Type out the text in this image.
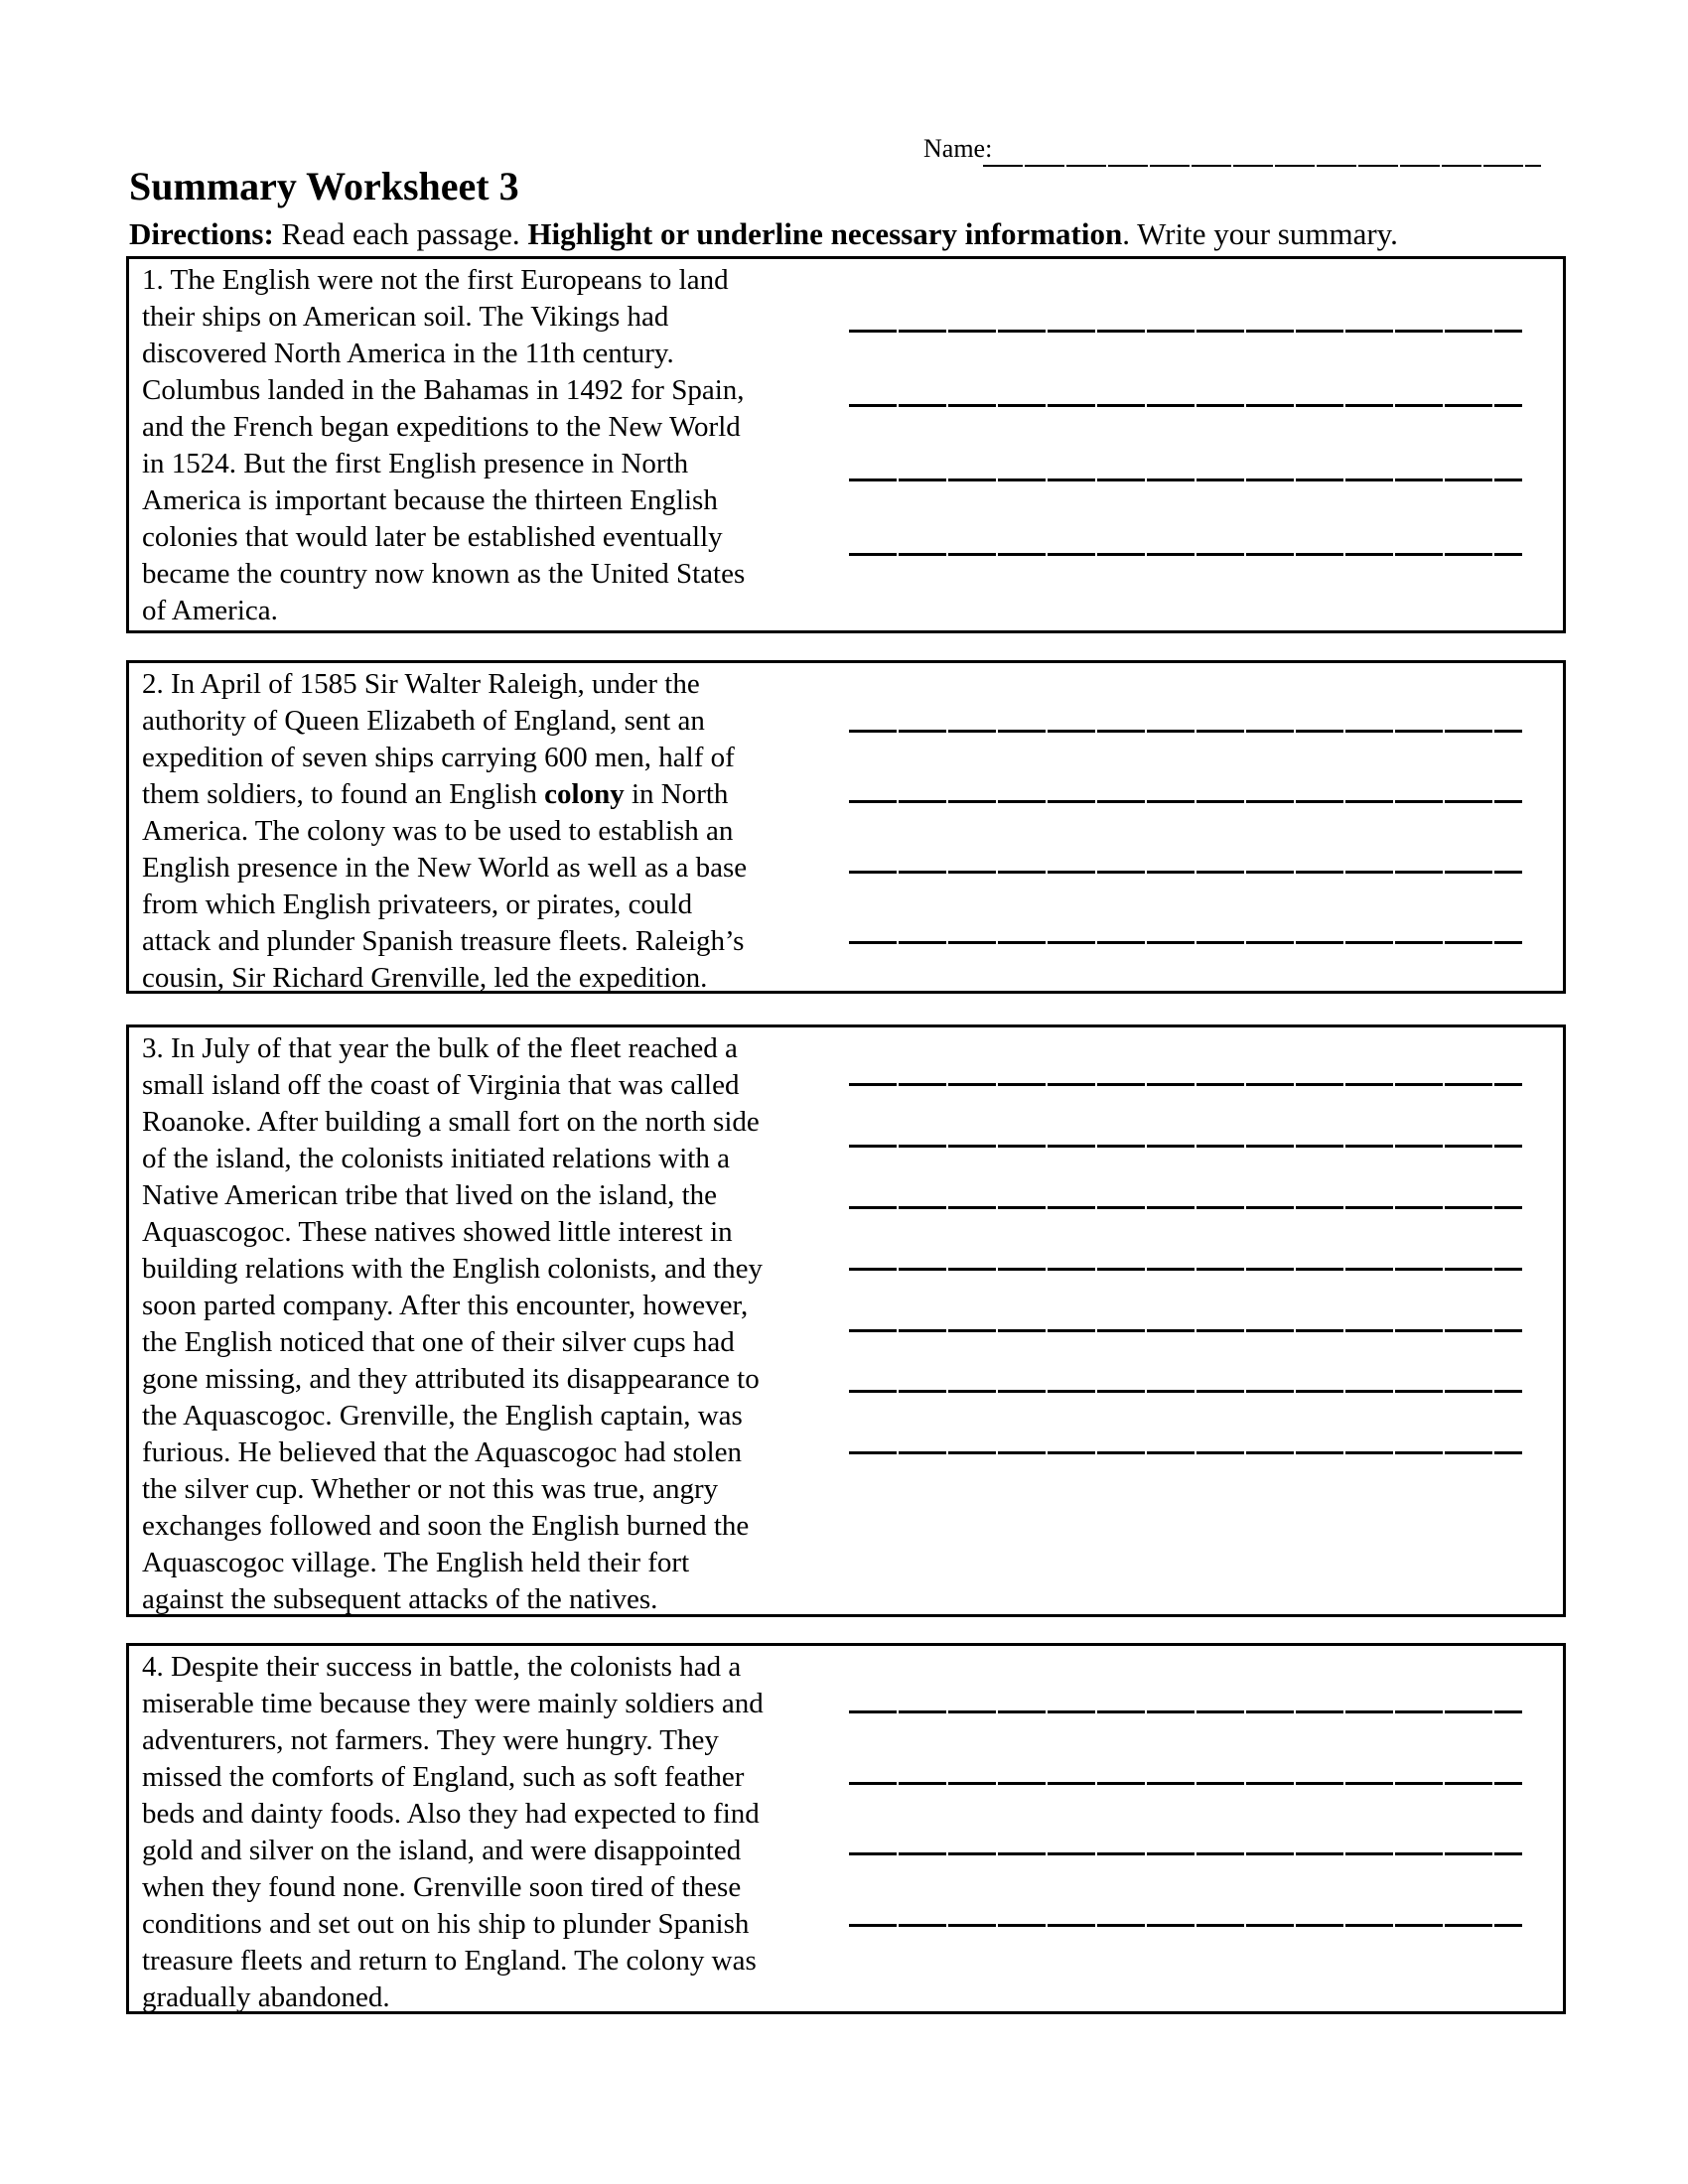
Name:
Summary Worksheet 3
Directions: Read each passage. Highlight or underline necessary information. Write your summary.
1. The English were not the first Europeans to land
their ships on American soil. The Vikings had
discovered North America in the 11th century.
Columbus landed in the Bahamas in 1492 for Spain,
and the French began expeditions to the New World
in 1524. But the first English presence in North
America is important because the thirteen English
colonies that would later be established eventually
became the country now known as the United States
of America.
2. In April of 1585 Sir Walter Raleigh, under the
authority of Queen Elizabeth of England, sent an
expedition of seven ships carrying 600 men, half of
them soldiers, to found an English colony in North
America. The colony was to be used to establish an
English presence in the New World as well as a base
from which English privateers, or pirates, could
attack and plunder Spanish treasure fleets. Raleigh’s
cousin, Sir Richard Grenville, led the expedition.
3. In July of that year the bulk of the fleet reached a
small island off the coast of Virginia that was called
Roanoke. After building a small fort on the north side
of the island, the colonists initiated relations with a
Native American tribe that lived on the island, the
Aquascogoc. These natives showed little interest in
building relations with the English colonists, and they
soon parted company. After this encounter, however,
the English noticed that one of their silver cups had
gone missing, and they attributed its disappearance to
the Aquascogoc. Grenville, the English captain, was
furious. He believed that the Aquascogoc had stolen
the silver cup. Whether or not this was true, angry
exchanges followed and soon the English burned the
Aquascogoc village. The English held their fort
against the subsequent attacks of the natives.
4. Despite their success in battle, the colonists had a
miserable time because they were mainly soldiers and
adventurers, not farmers. They were hungry. They
missed the comforts of England, such as soft feather
beds and dainty foods. Also they had expected to find
gold and silver on the island, and were disappointed
when they found none. Grenville soon tired of these
conditions and set out on his ship to plunder Spanish
treasure fleets and return to England. The colony was
gradually abandoned.
